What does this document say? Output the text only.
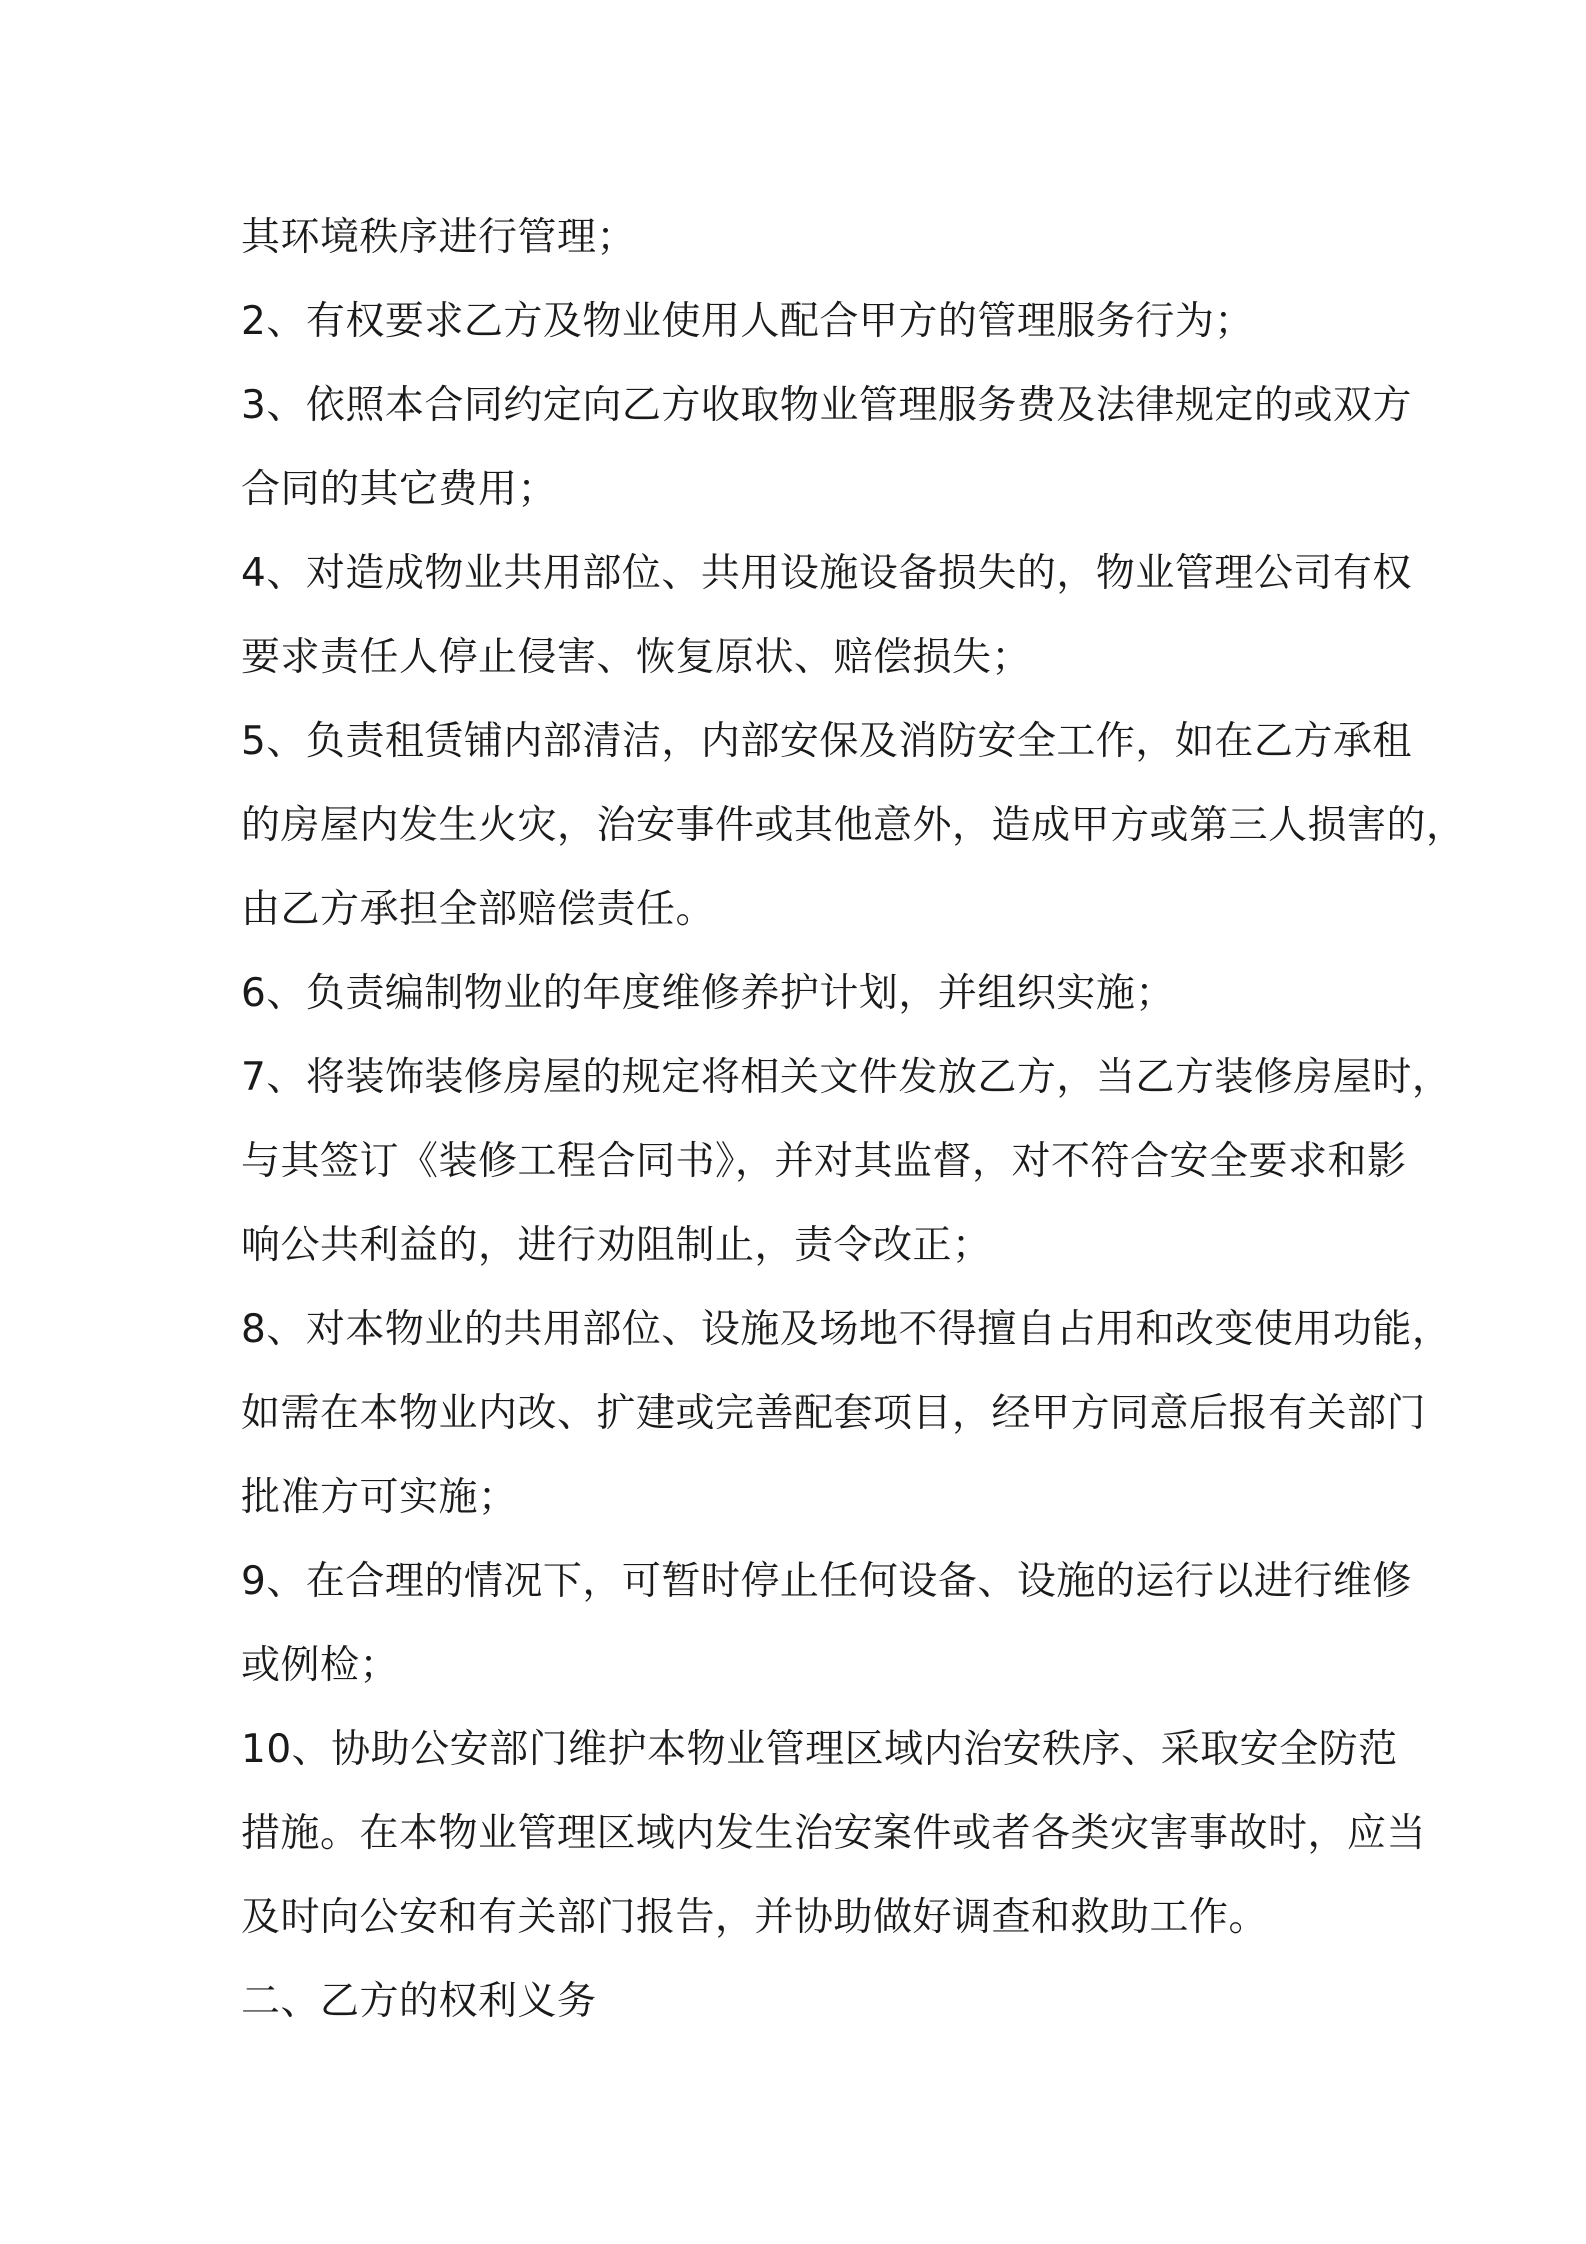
其环境秩序进行管理；
2、有权要求乙方及物业使用人配合甲方的管理服务行为；
3、依照本合同约定向乙方收取物业管理服务费及法律规定的或双方
合同的其它费用；
4、对造成物业共用部位、共用设施设备损失的，物业管理公司有权
要求责任人停止侵害、恢复原状、赔偿损失；
5、负责租赁铺内部清洁，内部安保及消防安全工作，如在乙方承租
的房屋内发生火灾，治安事件或其他意外，造成甲方或第三人损害的，
由乙方承担全部赔偿责任。
6、负责编制物业的年度维修养护计划，并组织实施；
7、将装饰装修房屋的规定将相关文件发放乙方，当乙方装修房屋时，
与其签订《装修工程合同书》，并对其监督，对不符合安全要求和影
响公共利益的，进行劝阻制止，责令改正；
8、对本物业的共用部位、设施及场地不得擅自占用和改变使用功能，
如需在本物业内改、扩建或完善配套项目，经甲方同意后报有关部门
批准方可实施；
9、在合理的情况下，可暂时停止任何设备、设施的运行以进行维修
或例检；
10、协助公安部门维护本物业管理区域内治安秩序、采取安全防范
措施。在本物业管理区域内发生治安案件或者各类灾害事故时，应当
及时向公安和有关部门报告，并协助做好调查和救助工作。
二、乙方的权利义务
